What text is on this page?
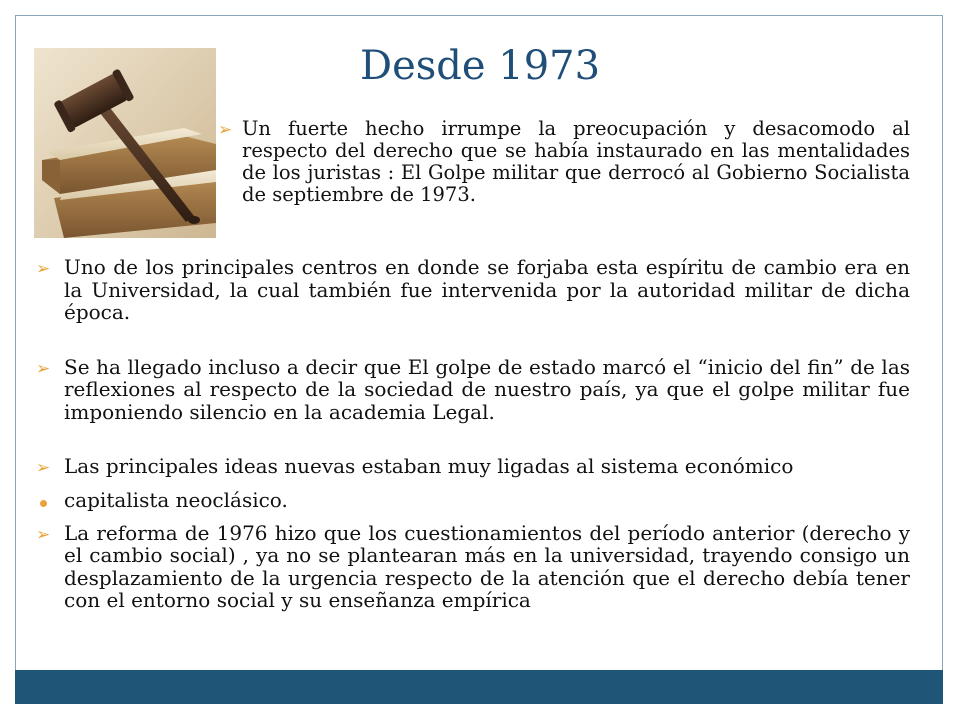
Desde 1973
➢ Un fuerte hecho irrumpe la preocupación y desacomodo al respecto del derecho que se había instaurado en las mentalidades de los juristas : El Golpe militar que derrocó al Gobierno Socialista de septiembre de 1973.
➢ Uno de los principales centros en donde se forjaba esta espíritu de cambio era en la Universidad, la cual también fue intervenida por la autoridad militar de dicha época.
➢ Se ha llegado incluso a decir que El golpe de estado marcó el “inicio del fin” de las reflexiones al respecto de la sociedad de nuestro país, ya que el golpe militar fue imponiendo silencio en la academia Legal.
➢ Las principales ideas nuevas estaban muy ligadas al sistema económico
capitalista neoclásico.
➢ La reforma de 1976 hizo que los cuestionamientos del período anterior (derecho y el cambio social) , ya no se plantearan más en la universidad, trayendo consigo un desplazamiento de la urgencia respecto de la atención que el derecho debía tener con el entorno social y su enseñanza empírica
